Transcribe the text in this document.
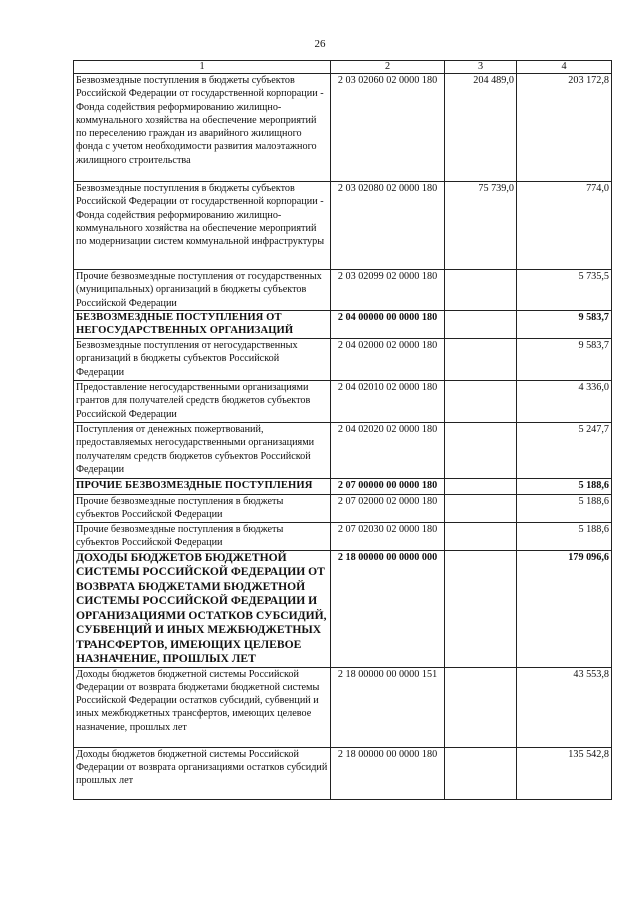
26
1	2	3	4
Безвозмездные поступления в бюджеты субъектов Российской Федерации от государственной корпорации - Фонда содействия реформированию жилищно-коммунального хозяйства на обеспечение мероприятий по переселению граждан из аварийного жилищного фонда с учетом необходимости развития малоэтажного жилищного строительства	2 03 02060 02 0000 180	204 489,0	203 172,8
Безвозмездные поступления в бюджеты субъектов Российской Федерации от государственной корпорации - Фонда содействия реформированию жилищно-коммунального хозяйства на обеспечение мероприятий по модернизации систем коммунальной инфраструктуры	2 03 02080 02 0000 180	75 739,0	774,0
Прочие безвозмездные поступления от государственных (муниципальных) организаций в бюджеты субъектов Российской Федерации	2 03 02099 02 0000 180		5 735,5
БЕЗВОЗМЕЗДНЫЕ ПОСТУПЛЕНИЯ ОТ НЕГОСУДАРСТВЕННЫХ ОРГАНИЗАЦИЙ	2 04 00000 00 0000 180		9 583,7
Безвозмездные поступления от негосударственных организаций в бюджеты субъектов Российской Федерации	2 04 02000 02 0000 180		9 583,7
Предоставление негосударственными организациями грантов для получателей средств бюджетов субъектов Российской Федерации	2 04 02010 02 0000 180		4 336,0
Поступления от денежных пожертвований, предоставляемых негосударственными организациями получателям средств бюджетов субъектов Российской Федерации	2 04 02020 02 0000 180		5 247,7
ПРОЧИЕ БЕЗВОЗМЕЗДНЫЕ ПОСТУПЛЕНИЯ	2 07 00000 00 0000 180		5 188,6
Прочие безвозмездные поступления в бюджеты субъектов Российской Федерации	2 07 02000 02 0000 180		5 188,6
Прочие безвозмездные поступления в бюджеты субъектов Российской Федерации	2 07 02030 02 0000 180		5 188,6
ДОХОДЫ БЮДЖЕТОВ БЮДЖЕТНОЙ СИСТЕМЫ РОССИЙСКОЙ ФЕДЕРАЦИИ ОТ ВОЗВРАТА БЮДЖЕТАМИ БЮДЖЕТНОЙ СИСТЕМЫ РОССИЙСКОЙ ФЕДЕРАЦИИ И ОРГАНИЗАЦИЯМИ ОСТАТКОВ СУБСИДИЙ, СУБВЕНЦИЙ И ИНЫХ МЕЖБЮДЖЕТНЫХ ТРАНСФЕРТОВ, ИМЕЮЩИХ ЦЕЛЕВОЕ НАЗНАЧЕНИЕ, ПРОШЛЫХ ЛЕТ	2 18 00000 00 0000 000		179 096,6
Доходы бюджетов бюджетной системы Российской Федерации от возврата бюджетами бюджетной системы Российской Федерации остатков субсидий, субвенций и иных межбюджетных трансфертов, имеющих целевое назначение, прошлых лет	2 18 00000 00 0000 151		43 553,8
Доходы бюджетов бюджетной системы Российской Федерации от возврата организациями остатков субсидий прошлых лет	2 18 00000 00 0000 180		135 542,8
